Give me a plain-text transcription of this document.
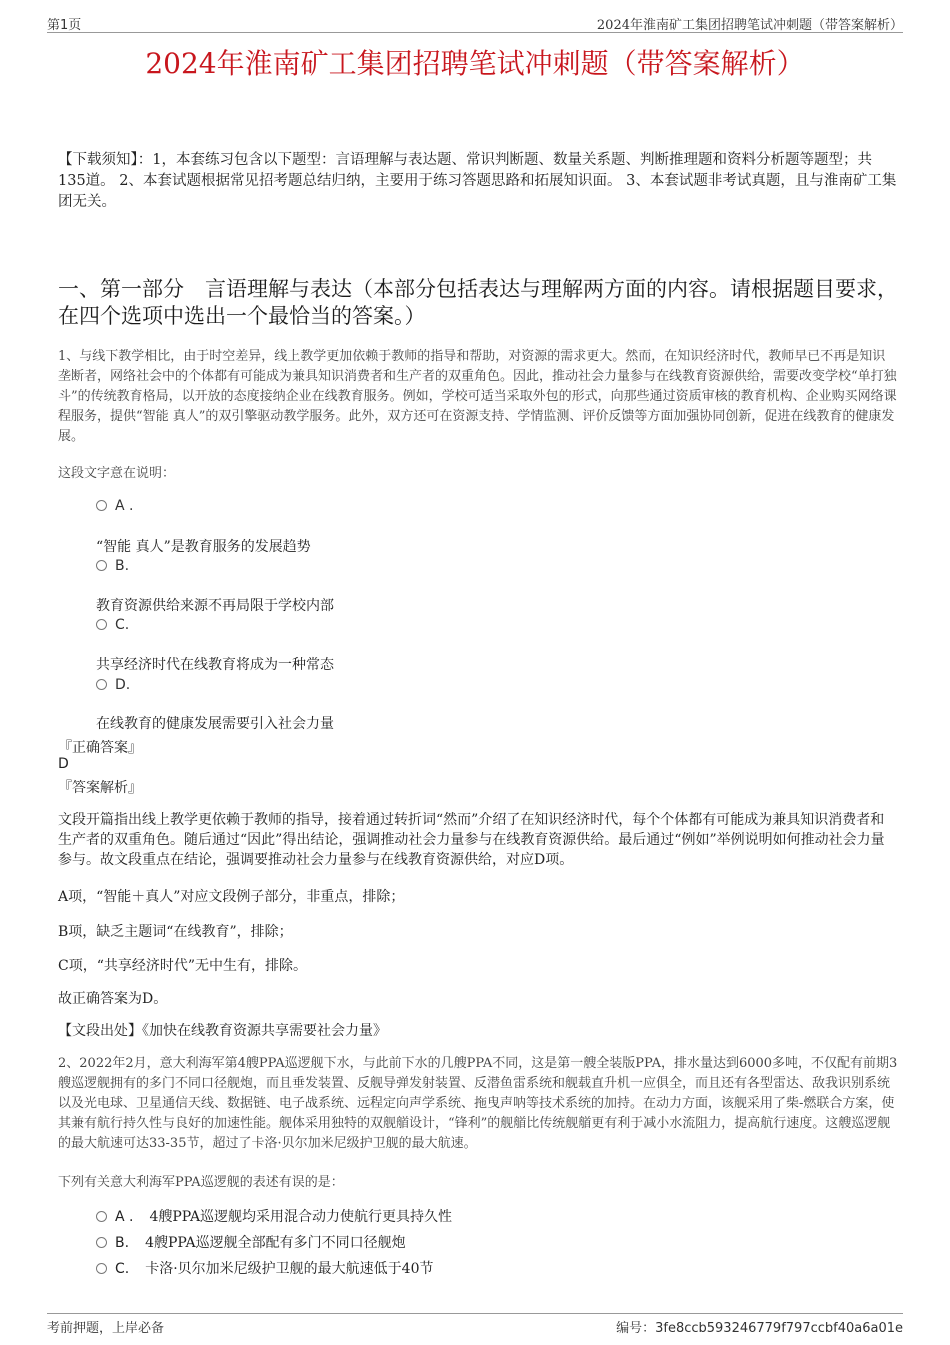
第1页	2024年淮南矿工集团招聘笔试冲刺题（带答案解析）
2024年淮南矿工集团招聘笔试冲刺题（带答案解析）
【下载须知】：1，本套练习包含以下题型：言语理解与表达题、常识判断题、数量关系题、判断推理题和资料分析题等题型；共135道。 2、本套试题根据常见招考题总结归纳，主要用于练习答题思路和拓展知识面。 3、本套试题非考试真题，且与淮南矿工集团无关。
一、第一部分　言语理解与表达（本部分包括表达与理解两方面的内容。请根据题目要求，在四个选项中选出一个最恰当的答案。）
1、与线下教学相比，由于时空差异，线上教学更加依赖于教师的指导和帮助，对资源的需求更大。然而，在知识经济时代，教师早已不再是知识垄断者，网络社会中的个体都有可能成为兼具知识消费者和生产者的双重角色。因此，推动社会力量参与在线教育资源供给，需要改变学校“单打独斗”的传统教育格局，以开放的态度接纳企业在线教育服务。例如，学校可适当采取外包的形式，向那些通过资质审核的教育机构、企业购买网络课程服务，提供“智能 真人”的双引擎驱动教学服务。此外，双方还可在资源支持、学情监测、评价反馈等方面加强协同创新，促进在线教育的健康发展。
这段文字意在说明：
A .
“智能 真人”是教育服务的发展趋势
B.
教育资源供给来源不再局限于学校内部
C.
共享经济时代在线教育将成为一种常态
D.
在线教育的健康发展需要引入社会力量
『正确答案』
D
『答案解析』
文段开篇指出线上教学更依赖于教师的指导，接着通过转折词“然而”介绍了在知识经济时代，每个个体都有可能成为兼具知识消费者和生产者的双重角色。随后通过“因此”得出结论，强调推动社会力量参与在线教育资源供给。最后通过“例如”举例说明如何推动社会力量参与。故文段重点在结论，强调要推动社会力量参与在线教育资源供给，对应D项。
A项，“智能＋真人”对应文段例子部分，非重点，排除；
B项，缺乏主题词“在线教育”，排除；
C项，“共享经济时代”无中生有，排除。
故正确答案为D。
【文段出处】《加快在线教育资源共享需要社会力量》
2、2022年2月，意大利海军第4艘PPA巡逻舰下水，与此前下水的几艘PPA不同，这是第一艘全装版PPA，排水量达到6000多吨，不仅配有前期3艘巡逻舰拥有的多门不同口径舰炮，而且垂发装置、反舰导弹发射装置、反潜鱼雷系统和舰载直升机一应俱全，而且还有各型雷达、敌我识别系统以及光电球、卫星通信天线、数据链、电子战系统、远程定向声学系统、拖曳声呐等技术系统的加持。在动力方面，该舰采用了柴-燃联合方案，使其兼有航行持久性与良好的加速性能。舰体采用独特的双舰艏设计，“锋利”的舰艏比传统舰艏更有利于减小水流阻力，提高航行速度。这艘巡逻舰的最大航速可达33-35节，超过了卡洛·贝尔加米尼级护卫舰的最大航速。
下列有关意大利海军PPA巡逻舰的表述有误的是：
A . 4艘PPA巡逻舰均采用混合动力使航行更具持久性
B. 4艘PPA巡逻舰全部配有多门不同口径舰炮
C. 卡洛·贝尔加米尼级护卫舰的最大航速低于40节
考前押题，上岸必备	编号：3fe8ccb593246779f797ccbf40a6a01e
